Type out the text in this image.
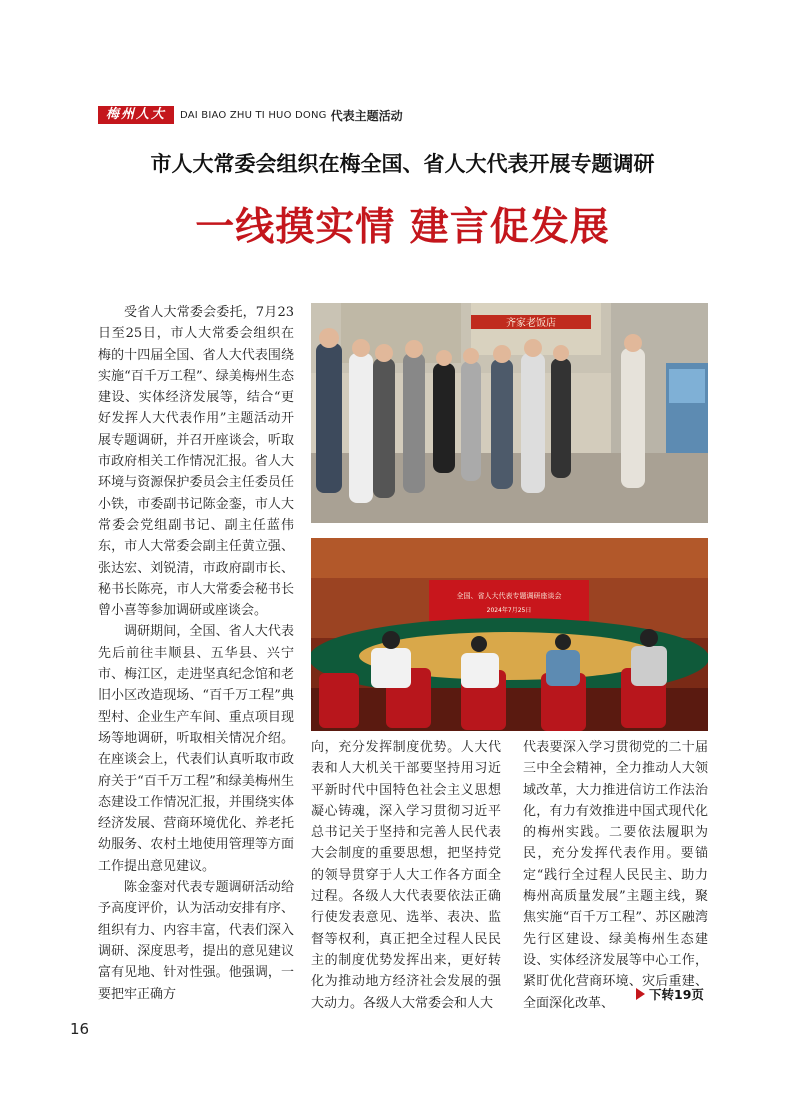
梅州人大	DAI BIAO ZHU TI HUO DONG 代表主题活动
市人大常委会组织在梅全国、省人大代表开展专题调研
一线摸实情 建言促发展

受省人大常委会委托，7月23日至25日，市人大常委会组织在梅的十四届全国、省人大代表围绕实施“百千万工程”、绿美梅州生态建设、实体经济发展等，结合“更好发挥人大代表作用”主题活动开展专题调研，并召开座谈会，听取市政府相关工作情况汇报。省人大环境与资源保护委员会主任委员任小铁，市委副书记陈金銮，市人大常委会党组副书记、副主任蓝伟东，市人大常委会副主任黄立强、张达宏、刘锐清，市政府副市长、秘书长陈亮，市人大常委会秘书长曾小喜等参加调研或座谈会。

调研期间，全国、省人大代表先后前往丰顺县、五华县、兴宁市、梅江区，走进坚真纪念馆和老旧小区改造现场、“百千万工程”典型村、企业生产车间、重点项目现场等地调研，听取相关情况介绍。在座谈会上，代表们认真听取市政府关于“百千万工程”和绿美梅州生态建设工作情况汇报，并围绕实体经济发展、营商环境优化、养老托幼服务、农村土地使用管理等方面工作提出意见建议。

陈金銮对代表专题调研活动给予高度评价，认为活动安排有序、组织有力、内容丰富，代表们深入调研、深度思考，提出的意见建议富有见地、针对性强。他强调，一要把牢正确方

齐家老饭店
全国、省人大代表专题调研座谈会
2024年7月25日

向，充分发挥制度优势。人大代表和人大机关干部要坚持用习近平新时代中国特色社会主义思想凝心铸魂，深入学习贯彻习近平总书记关于坚持和完善人民代表大会制度的重要思想，把坚持党的领导贯穿于人大工作各方面全过程。各级人大代表要依法正确行使发表意见、选举、表决、监督等权利，真正把全过程人民民主的制度优势发挥出来，更好转化为推动地方经济社会发展的强大动力。各级人大常委会和人大

代表要深入学习贯彻党的二十届三中全会精神，全力推动人大领域改革，大力推进信访工作法治化，有力有效推进中国式现代化的梅州实践。二要依法履职为民，充分发挥代表作用。要锚定“践行全过程人民民主、助力梅州高质量发展”主题主线，聚焦实施“百千万工程”、苏区融湾先行区建设、绿美梅州生态建设、实体经济发展等中心工作，紧盯优化营商环境、灾后重建、全面深化改革、

下转19页
16
